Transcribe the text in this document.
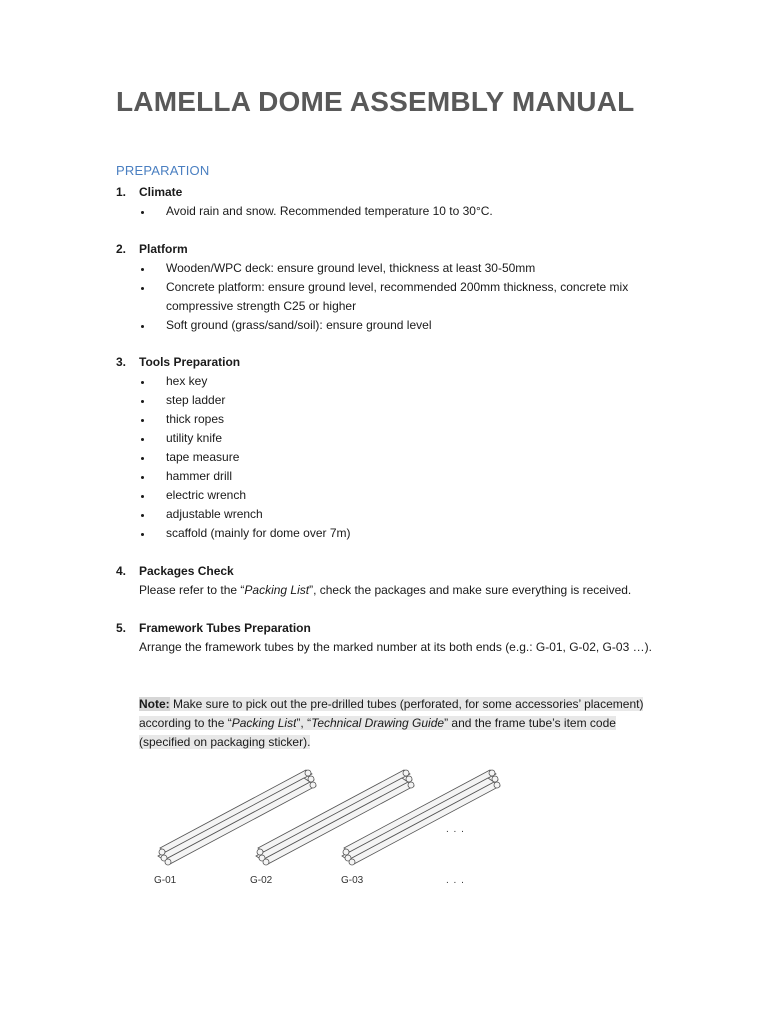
LAMELLA DOME ASSEMBLY MANUAL
PREPARATION
1. Climate
Avoid rain and snow. Recommended temperature 10 to 30°C.
2. Platform
Wooden/WPC deck: ensure ground level, thickness at least 30-50mm
Concrete platform: ensure ground level, recommended 200mm thickness, concrete mix compressive strength C25 or higher
Soft ground (grass/sand/soil): ensure ground level
3. Tools Preparation
hex key
step ladder
thick ropes
utility knife
tape measure
hammer drill
electric wrench
adjustable wrench
scaffold (mainly for dome over 7m)
4. Packages Check
Please refer to the “Packing List”, check the packages and make sure everything is received.
5. Framework Tubes Preparation
Arrange the framework tubes by the marked number at its both ends (e.g.: G-01, G-02, G-03 …).
Note: Make sure to pick out the pre-drilled tubes (perforated, for some accessories’ placement) according to the “Packing List”, “Technical Drawing Guide” and the frame tube’s item code (specified on packaging sticker).
G-01	G-02	G-03
. . .
. . .
